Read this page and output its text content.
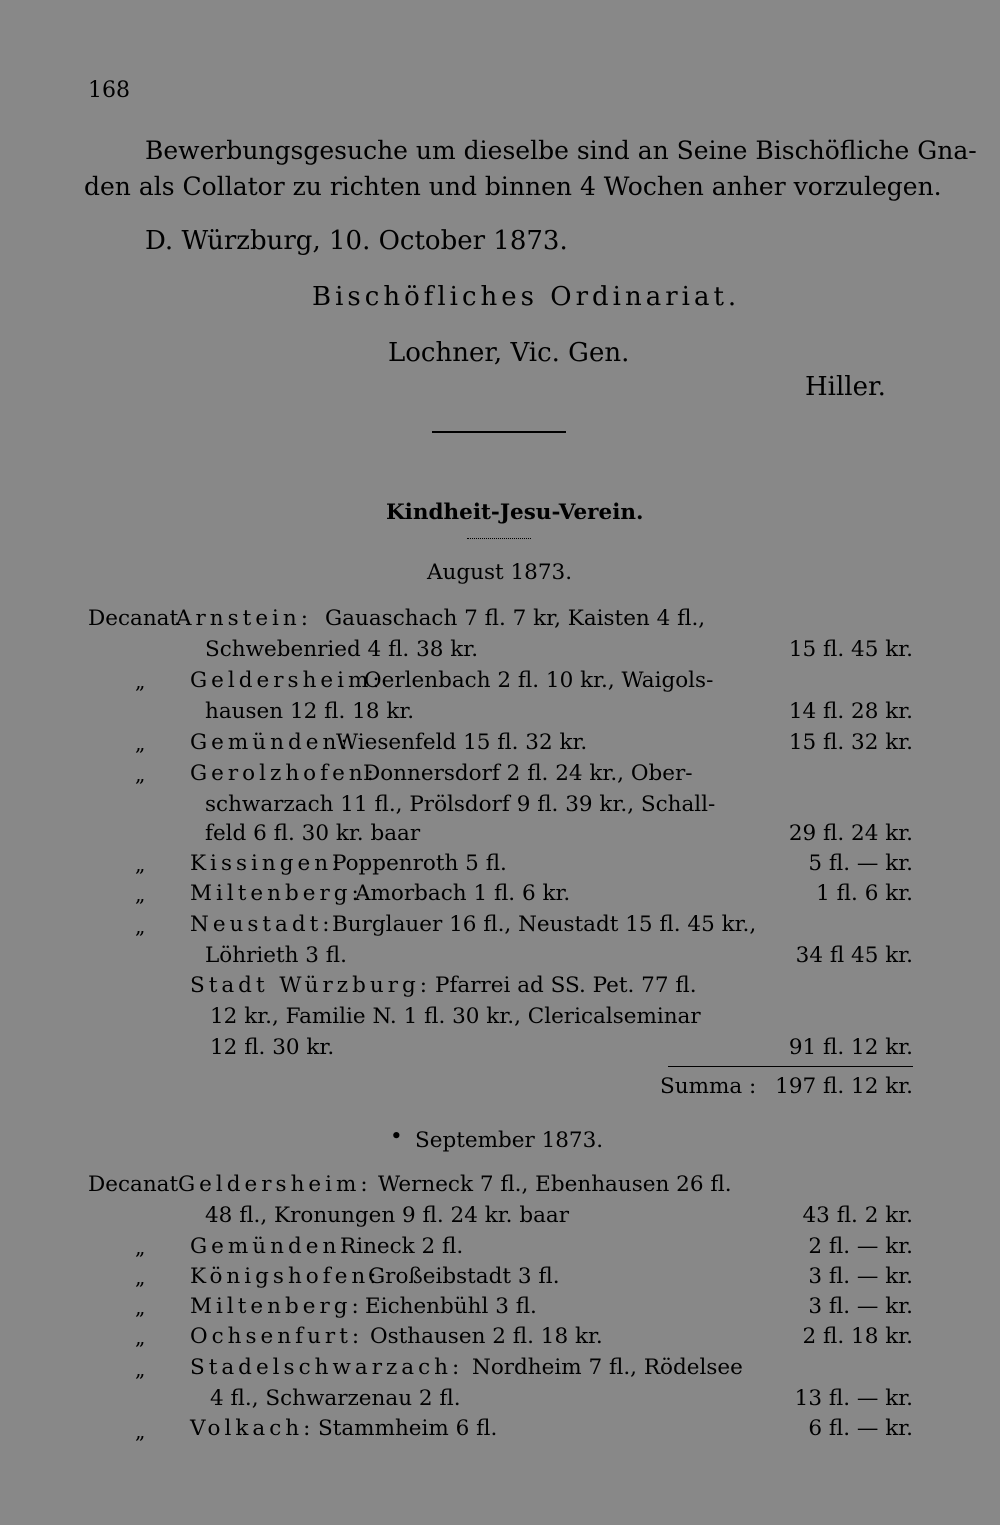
168
Bewerbungsgesuche um dieselbe sind an Seine Bischöfliche Gna-
den als Collator zu richten und binnen 4 Wochen anher vorzulegen.
D. Würzburg, 10. October 1873.
Bischöfliches Ordinariat.
Lochner, Vic. Gen.
Hiller.
Kindheit-Jesu-Verein.
August 1873.
Decanat
Arnstein: Gauaschach 7 fl. 7 kr, Kaisten 4 fl.,
Schwebenried 4 fl. 38 kr.	15 fl. 45 kr.
„ Geldersheim:
Oerlenbach 2 fl. 10 kr., Waigols-
hausen 12 fl. 18 kr.	14 fl. 28 kr.
„ Gemünden:
Wiesenfeld 15 fl. 32 kr.	15 fl. 32 kr.
„ Gerolzhofen:
Donnersdorf 2 fl. 24 kr., Ober-
schwarzach 11 fl., Prölsdorf 9 fl. 39 kr., Schall-
feld 6 fl. 30 kr. baar	29 fl. 24 kr.
„ Kissingen:
Poppenroth 5 fl.	5 fl. — kr.
„ Miltenberg:
Amorbach 1 fl. 6 kr.	1 fl. 6 kr.
„ Neustadt:
Burglauer 16 fl., Neustadt 15 fl. 45 kr.,
Löhrieth 3 fl.	34 fl 45 kr.
Stadt Würzburg: Pfarrei ad SS. Pet. 77 fl.
12 kr., Familie N. 1 fl. 30 kr., Clericalseminar
12 fl. 30 kr.	91 fl. 12 kr.
Summa : 197 fl. 12 kr.
• September 1873.
Decanat Geldersheim: Werneck 7 fl., Ebenhausen 26 fl.
48 fl., Kronungen 9 fl. 24 kr. baar	43 fl. 2 kr.
„ Gemünden:
Rineck 2 fl.	2 fl. — kr.
„ Königshofen:
Großeibstadt 3 fl.	3 fl. — kr.
„ Miltenberg: Eichenbühl 3 fl.	3 fl. — kr.
„ Ochsenfurt: Osthausen 2 fl. 18 kr.	2 fl. 18 kr.
„ Stadelschwarzach: Nordheim 7 fl., Rödelsee
4 fl., Schwarzenau 2 fl.	13 fl. — kr.
„ Volkach: Stammheim 6 fl.	6 fl. — kr.
